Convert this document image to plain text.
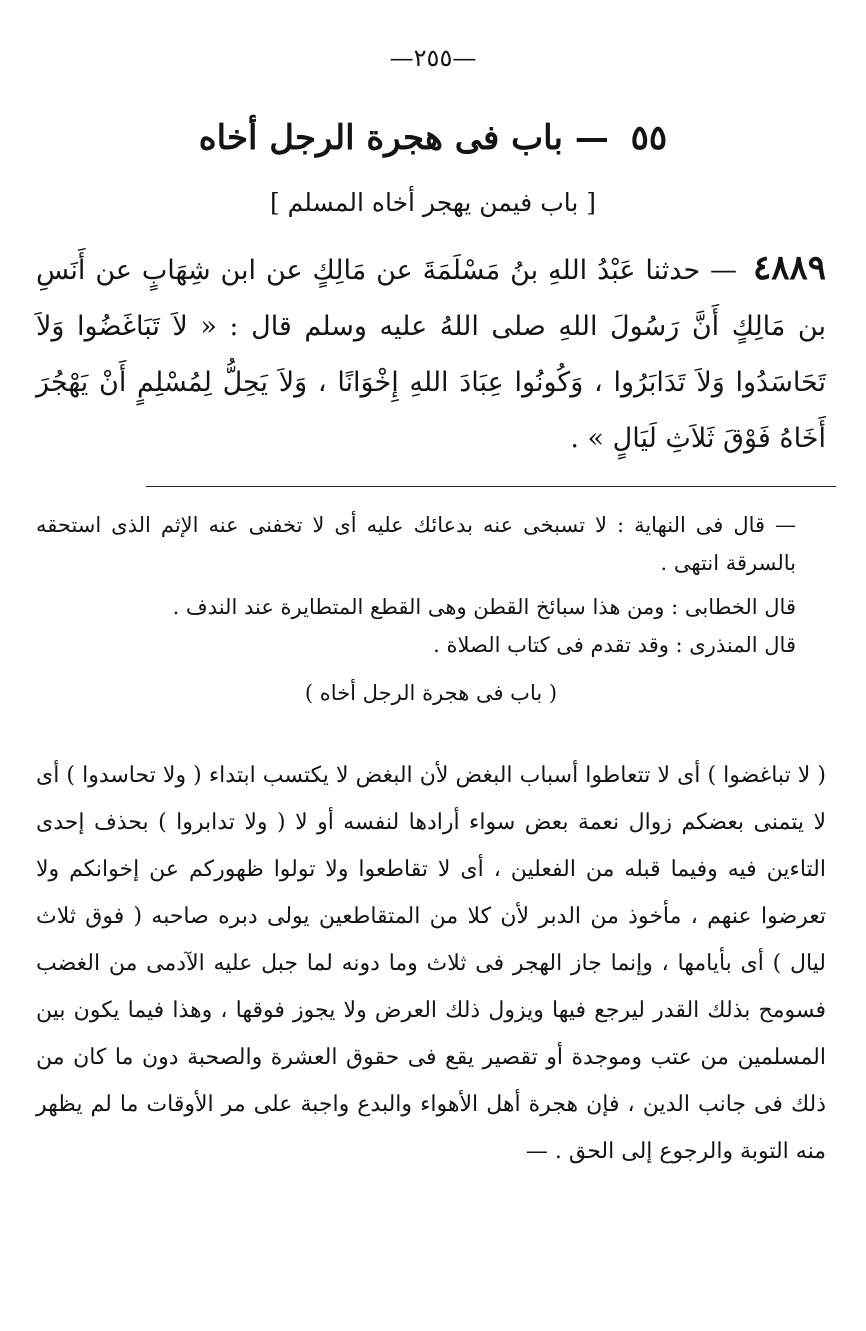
—٢٥٥—
٥٥ — باب فى هجرة الرجل أخاه
[ باب فيمن يهجر أخاه المسلم ]
٤٨٨٩ — حدثنا عَبْدُ اللهِ بنُ مَسْلَمَةَ عن مَالِكٍ عن ابن شِهَابٍ عن أَنَسِ بن مَالِكٍ أَنَّ رَسُولَ اللهِ صلى اللهُ عليه وسلم قال : « لاَ تَبَاغَضُوا وَلاَ تَحَاسَدُوا وَلاَ تَدَابَرُوا ، وَكُونُوا عِبَادَ اللهِ إِخْوَانًا ، وَلاَ يَحِلُّ لِمُسْلِمٍ أَنْ يَهْجُرَ أَخَاهُ فَوْقَ ثَلاَثِ لَيَالٍ » .

— قال فى النهاية : لا تسبخى عنه بدعائك عليه أى لا تخفنى عنه الإثم الذى استحقه بالسرقة انتهى .

قال الخطابى : ومن هذا سبائخ القطن وهى القطع المتطايرة عند الندف .

قال المنذرى : وقد تقدم فى كتاب الصلاة .

( باب فى هجرة الرجل أخاه )

( لا تباغضوا ) أى لا تتعاطوا أسباب البغض لأن البغض لا يكتسب ابتداء ( ولا تحاسدوا ) أى لا يتمنى بعضكم زوال نعمة بعض سواء أرادها لنفسه أو لا ( ولا تدابروا ) بحذف إحدى التاءين فيه وفيما قبله من الفعلين ، أى لا تقاطعوا ولا تولوا ظهوركم عن إخوانكم ولا تعرضوا عنهم ، مأخوذ من الدبر لأن كلا من المتقاطعين يولى دبره صاحبه ( فوق ثلاث ليال ) أى بأيامها ، وإنما جاز الهجر فى ثلاث وما دونه لما جبل عليه الآدمى من الغضب فسومح بذلك القدر ليرجع فيها ويزول ذلك العرض ولا يجوز فوقها ، وهذا فيما يكون بين المسلمين من عتب وموجدة أو تقصير يقع فى حقوق العشرة والصحبة دون ما كان من ذلك فى جانب الدين ، فإن هجرة أهل الأهواء والبدع واجبة على مر الأوقات ما لم يظهر منه التوبة والرجوع إلى الحق . —
